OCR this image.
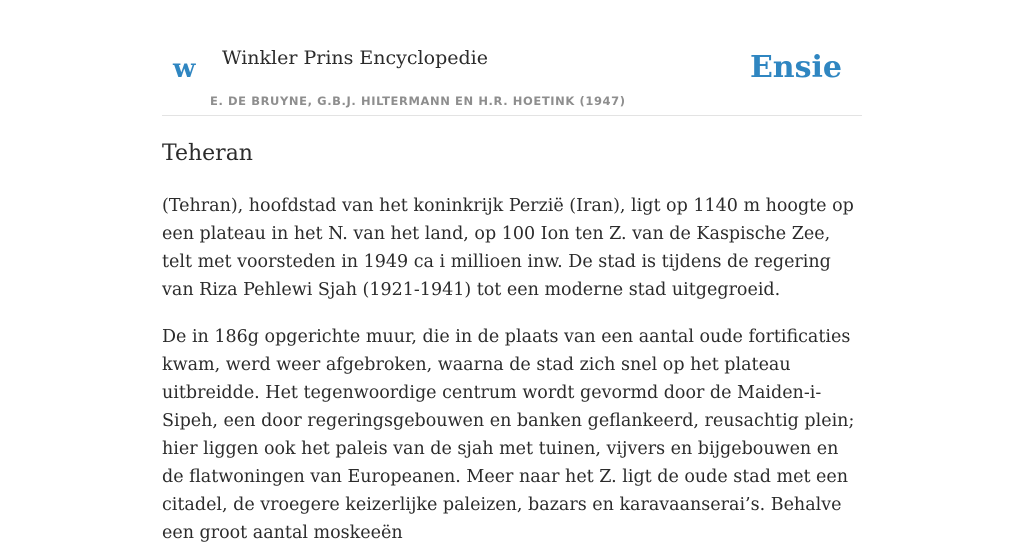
w Winkler Prins Encyclopedie
E. DE BRUYNE, G.B.J. HILTERMANN EN H.R. HOETINK (1947)
Ensie
Teheran

(Tehran), hoofdstad van het koninkrijk Perzië (Iran), ligt op 1140 m hoogte op een plateau in het N. van het land, op 100 Ion ten Z. van de Kaspische Zee, telt met voorsteden in 1949 ca i millioen inw. De stad is tijdens de regering van Riza Pehlewi Sjah (1921-1941) tot een moderne stad uitgegroeid.

De in 186g opgerichte muur, die in de plaats van een aantal oude fortificaties kwam, werd weer afgebroken, waarna de stad zich snel op het plateau uitbreidde. Het tegenwoordige centrum wordt gevormd door de Maiden-i-Sipeh, een door regeringsgebouwen en banken geflankeerd, reusachtig plein; hier liggen ook het paleis van de sjah met tuinen, vijvers en bijgebouwen en de flatwoningen van Europeanen. Meer naar het Z. ligt de oude stad met een citadel, de vroegere keizerlijke paleizen, bazars en karavaanserai’s. Behalve een groot aantal moskeeën
